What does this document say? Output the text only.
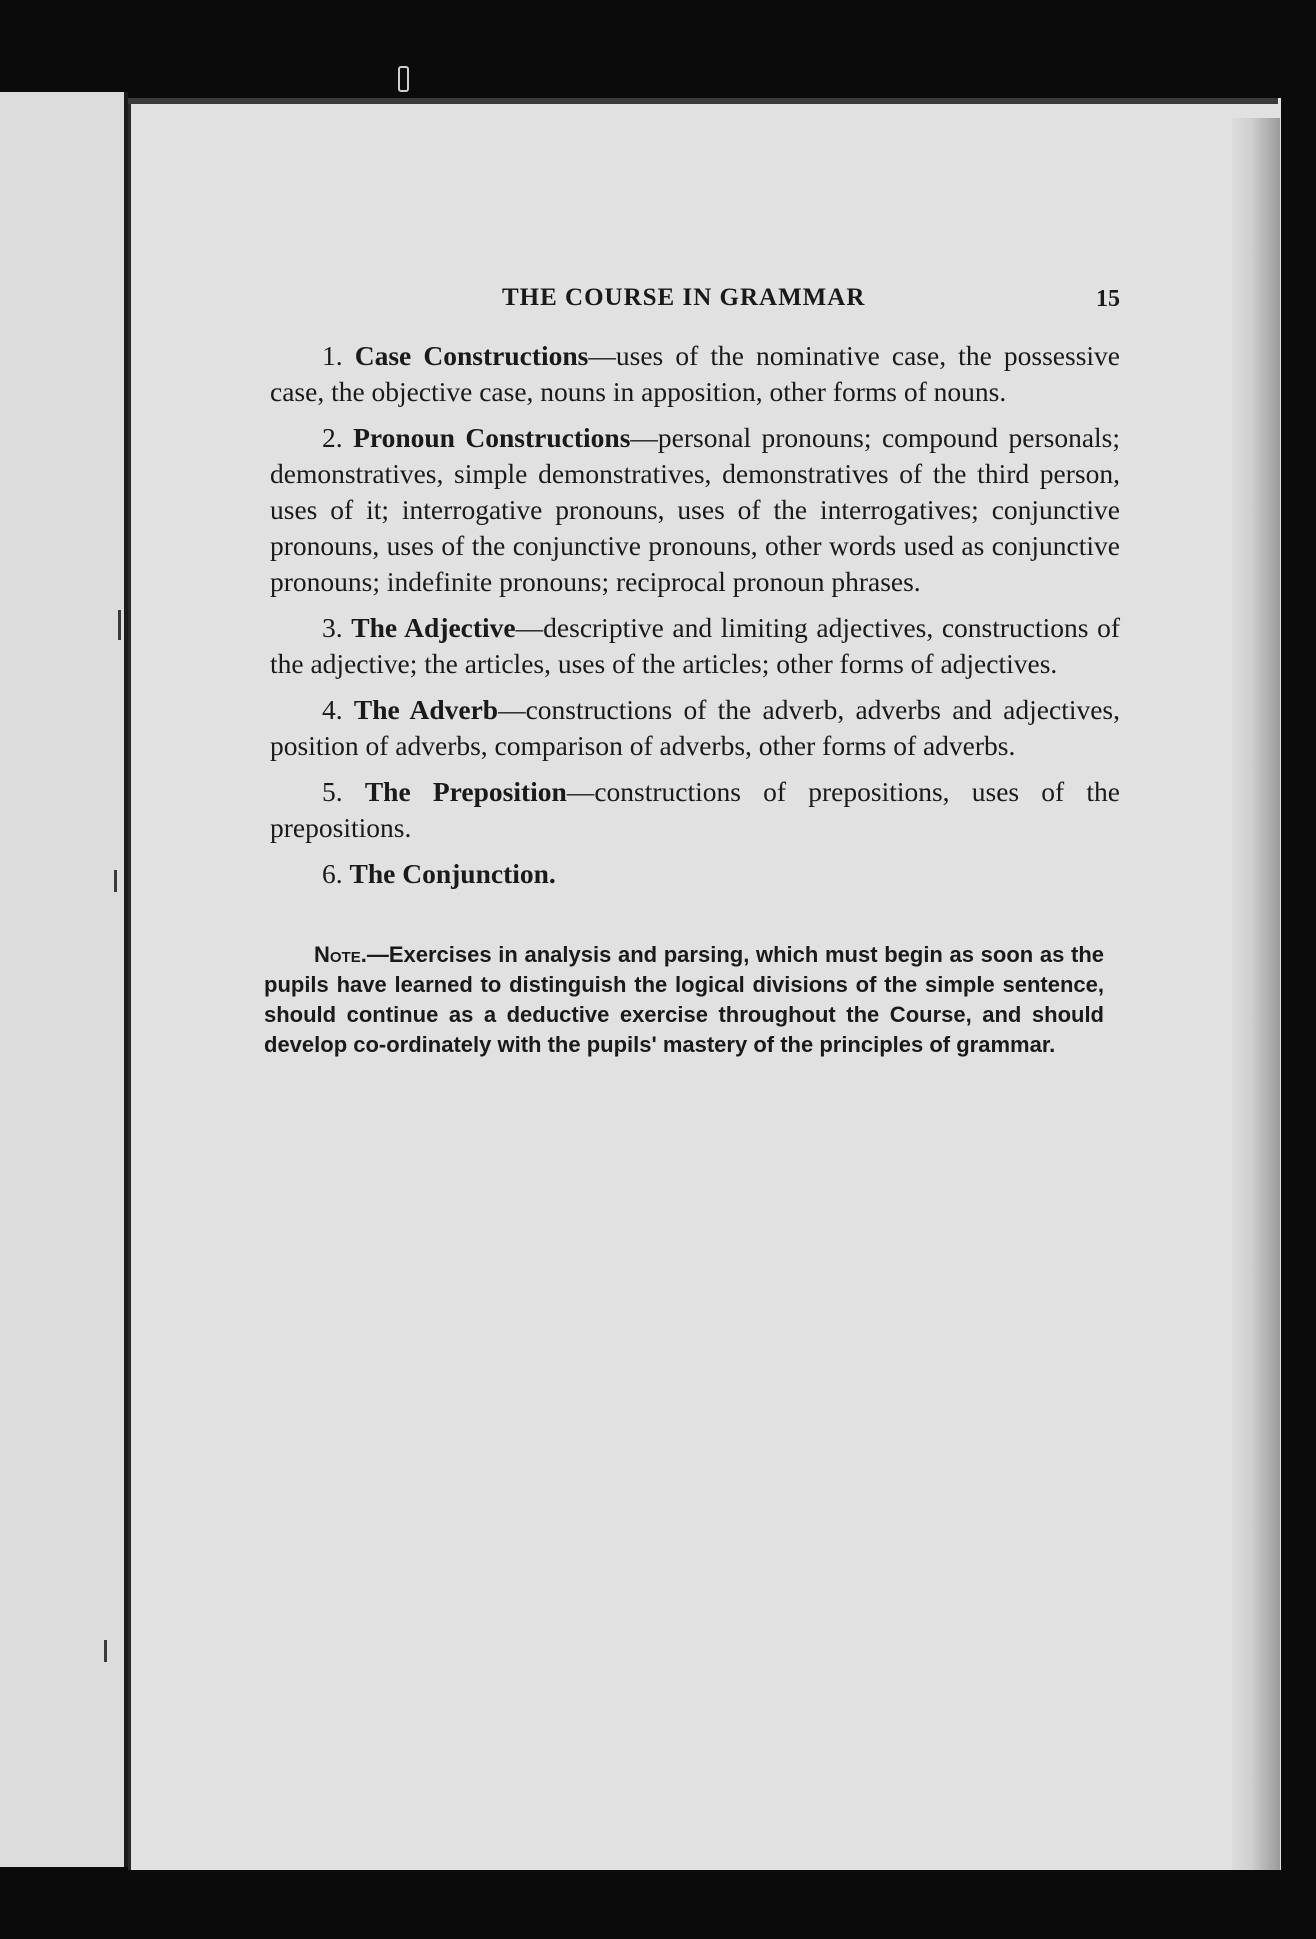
THE COURSE IN GRAMMAR	15

1. Case Constructions—uses of the nominative case, the possessive case, the objective case, nouns in apposition, other forms of nouns.

2. Pronoun Constructions—personal pronouns; compound personals; demonstratives, simple demonstratives, demonstratives of the third person, uses of it; interrogative pronouns, uses of the interrogatives; conjunctive pronouns, uses of the conjunctive pronouns, other words used as conjunctive pronouns; indefinite pronouns; reciprocal pronoun phrases.

3. The Adjective—descriptive and limiting adjectives, constructions of the adjective; the articles, uses of the articles; other forms of adjectives.

4. The Adverb—constructions of the adverb, adverbs and adjectives, position of adverbs, comparison of adverbs, other forms of adverbs.

5. The Preposition—constructions of prepositions, uses of the prepositions.

6. The Conjunction.

Note.—Exercises in analysis and parsing, which must begin as soon as the pupils have learned to distinguish the logical divisions of the simple sentence, should continue as a deductive exercise throughout the Course, and should develop co-ordinately with the pupils' mastery of the principles of grammar.
